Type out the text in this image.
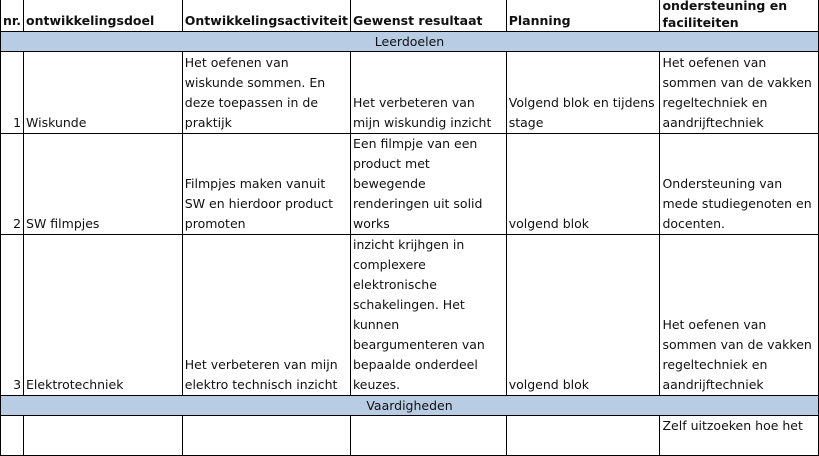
nr.	ontwikkelingsdoel	Ontwikkelingsactiviteit	Gewenst resultaat	Planning	ondersteuning en
faciliteiten

Leerdoelen					
1	Wiskunde	Het oefenen van wiskunde sommen. En deze toepassen in de praktijk	Het verbeteren van mijn wiskundig inzicht	Volgend blok en tijdens stage	Het oefenen van sommen van de vakken regeltechniek en aandrijftechniek
2	SW filmpjes	Filmpjes maken vanuit SW en hierdoor product promoten	Een filmpje van een product met bewegende renderingen uit solid works	volgend blok	Ondersteuning van mede studiegenoten en docenten.
3	Elektrotechniek	Het verbeteren van mijn elektro technisch inzicht	inzicht krijhgen in complexere elektronische schakelingen. Het kunnen beargumenteren van bepaalde onderdeel keuzes.	volgend blok	Het oefenen van sommen van de vakken regeltechniek en aandrijftechniek
Vaardigheden					
					Zelf uitzoeken hoe het
